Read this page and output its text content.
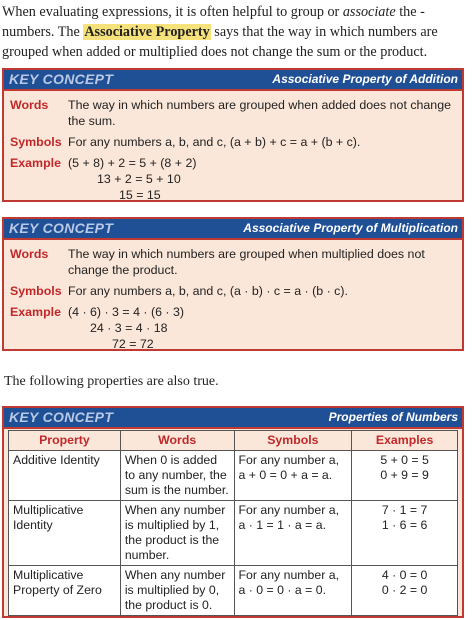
When evaluating expressions, it is often helpful to group or associate the -numbers. The Associative Property says that the way in which numbers are grouped when added or multiplied does not change the sum or the product.

KEY CONCEPT	Associative Property of Addition
Words The way in which numbers are grouped when added does not change the sum.
Symbols For any numbers a, b, and c, (a + b) + c = a + (b + c).
Example (5 + 8) + 2 = 5 + (8 + 2)
13 + 2 = 5 + 10
15 = 15
KEY CONCEPT	Associative Property of Multiplication
Words The way in which numbers are grouped when multiplied does not change the product.
Symbols For any numbers a, b, and c, (a · b) · c = a · (b · c).
Example (4 · 6) · 3 = 4 · (6 · 3)
24 · 3 = 4 · 18
72 = 72

The following properties are also true.

KEY CONCEPT	Properties of Numbers
Property	Words	Symbols	Examples
Additive Identity	When 0 is added to any number, the sum is the number.	For any number a, a + 0 = 0 + a = a.	5 + 0 = 5
0 + 9 = 9

Multiplicative Identity	When any number is multiplied by 1, the product is the number.	For any number a, a · 1 = 1 · a = a.	7 · 1 = 7
1 · 6 = 6

Multiplicative Property of Zero	When any number is multiplied by 0, the product is 0.	For any number a, a · 0 = 0 · a = 0.	4 · 0 = 0
0 · 2 = 0
